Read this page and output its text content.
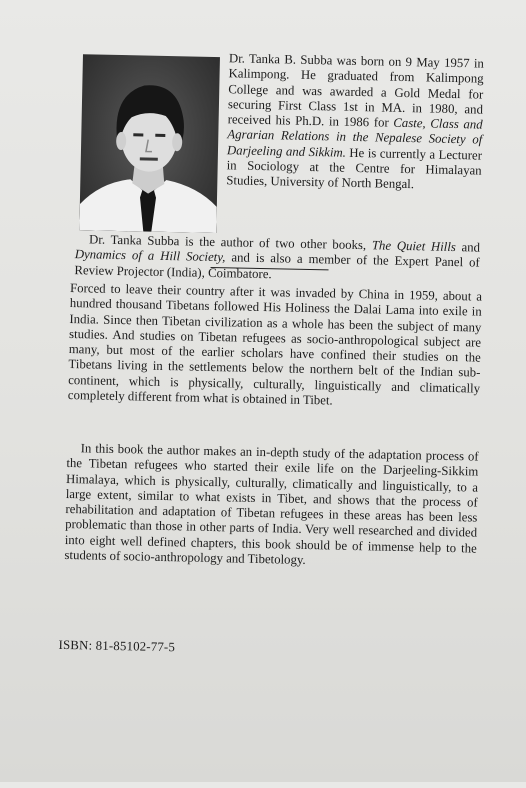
Dr. Tanka B. Subba was born on 9 May 1957 in Kalimpong. He graduated from Kalimpong College and was awarded a Gold Medal for securing First Class 1st in MA. in 1980, and received his Ph.D. in 1986 for Caste, Class and Agrarian Relations in the Nepalese Society of Darjeeling and Sikkim. He is currently a Lecturer in Sociology at the Centre for Himalayan Studies, University of North Bengal.

Dr. Tanka Subba is the author of two other books, The Quiet Hills and Dynamics of a Hill Society, and is also a member of the Expert Panel of Review Projector (India), Coimbatore.

Forced to leave their country after it was invaded by China in 1959, about a hundred thousand Tibetans followed His Holiness the Dalai Lama into exile in India. Since then Tibetan civilization as a whole has been the subject of many studies. And studies on Tibetan refugees as socio-anthropological subject are many, but most of the earlier scholars have confined their studies on the Tibetans living in the settlements below the northern belt of the Indian sub-continent, which is physically, culturally, linguistically and climatically completely different from what is obtained in Tibet.

In this book the author makes an in-depth study of the adaptation process of the Tibetan refugees who started their exile life on the Darjeeling-Sikkim Himalaya, which is physically, culturally, climatically and linguistically, to a large extent, similar to what exists in Tibet, and shows that the process of rehabilitation and adaptation of Tibetan refugees in these areas has been less problematic than those in other parts of India. Very well researched and divided into eight well defined chapters, this book should be of immense help to the students of socio-anthropology and Tibetology.

ISBN: 81-85102-77-5
